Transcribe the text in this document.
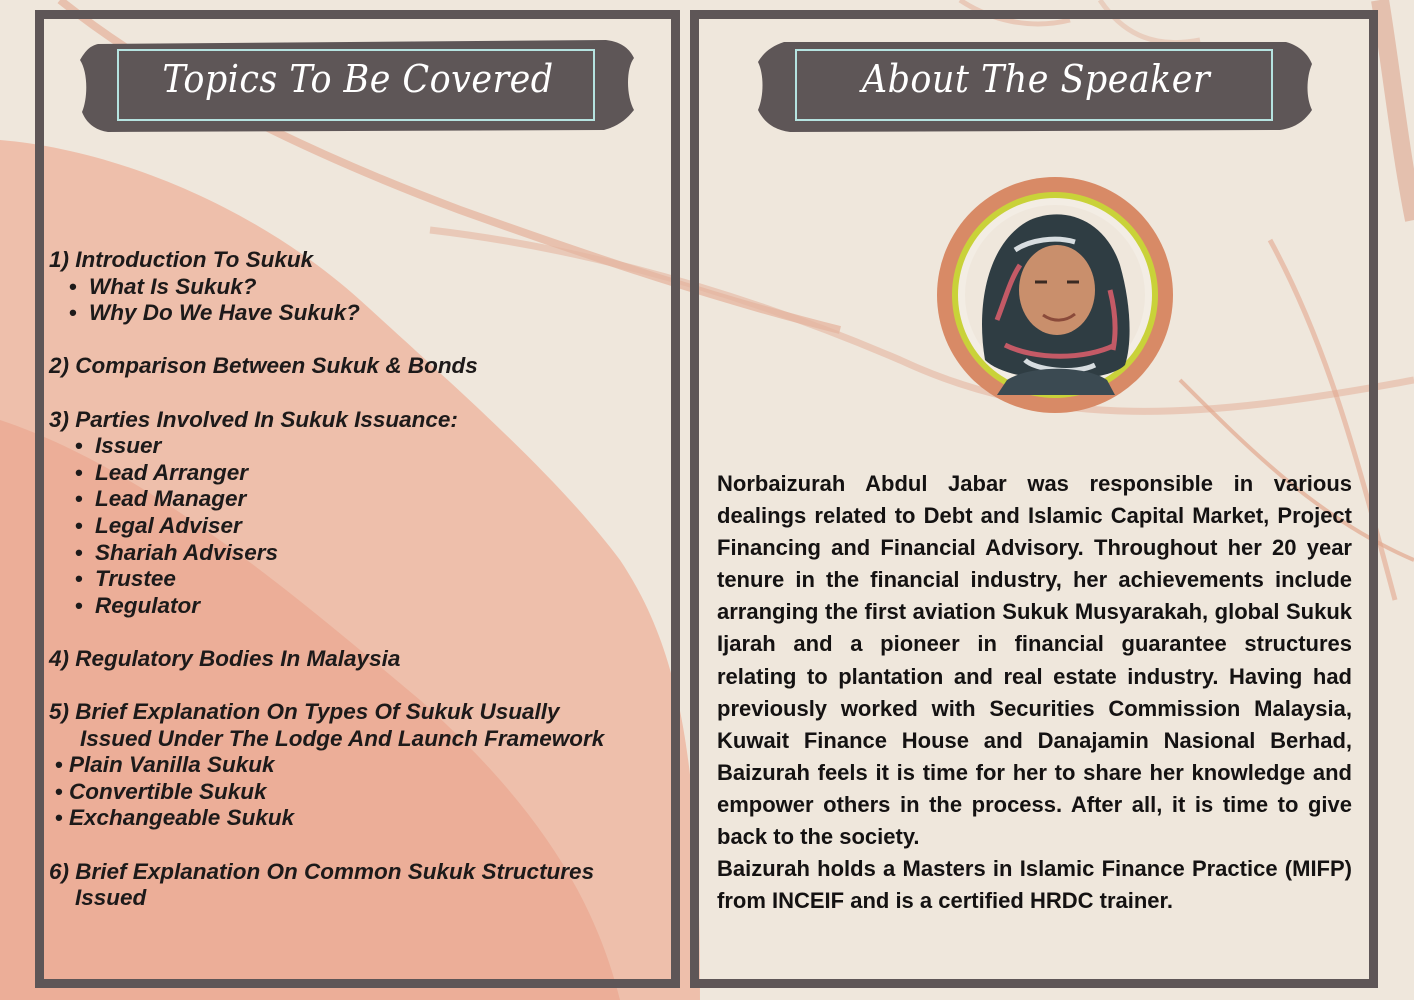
Topics To Be Covered
1) Introduction To Sukuk
• What Is Sukuk?
• Why Do We Have Sukuk?
2) Comparison Between Sukuk & Bonds
3) Parties Involved In Sukuk Issuance:
• Issuer
• Lead Arranger
• Lead Manager
• Legal Adviser
• Shariah Advisers
• Trustee
• Regulator
4) Regulatory Bodies In Malaysia
5) Brief Explanation On Types Of Sukuk Usually
Issued Under The Lodge And Launch Framework
• Plain Vanilla Sukuk
• Convertible Sukuk
• Exchangeable Sukuk
6) Brief Explanation On Common Sukuk Structures
Issued
About The Speaker

Norbaizurah Abdul Jabar was responsible in various dealings related to Debt and Islamic Capital Market, Project Financing and Financial Advisory. Throughout her 20 year tenure in the financial industry, her achievements include arranging the first aviation Sukuk Musyarakah, global Sukuk Ijarah and a pioneer in financial guarantee structures relating to plantation and real estate industry. Having had previously worked with Securities Commission Malaysia, Kuwait Finance House and Danajamin Nasional Berhad, Baizurah feels it is time for her to share her knowledge and empower others in the process. After all, it is time to give back to the society.

Baizurah holds a Masters in Islamic Finance Practice (MIFP) from INCEIF and is a certified HRDC trainer.
